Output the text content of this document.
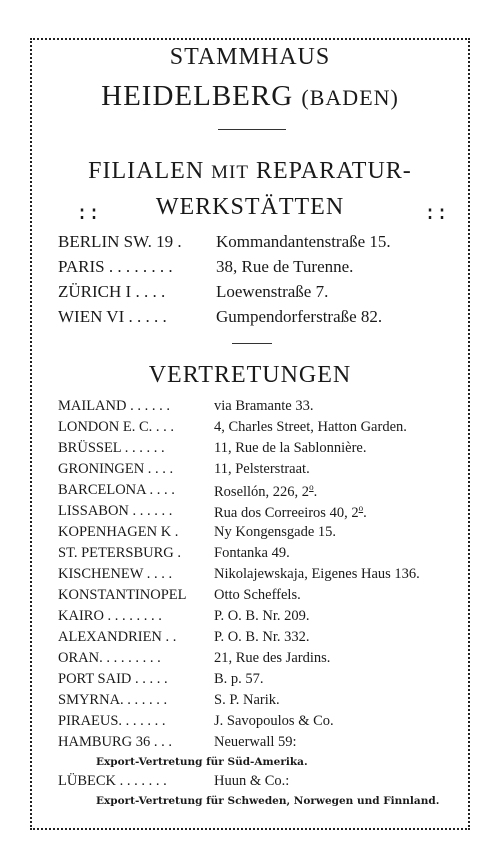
STAMMHAUS
HEIDELBERG (BADEN)
FILIALEN MIT REPARATUR-
::	WERKSTÄTTEN	::
BERLIN SW. 19 . Kommandantenstraße 15.
PARIS . . . . . . . .	38, Rue de Turenne.
ZÜRICH I . . . .	Loewenstraße 7.
WIEN VI . . . . .	Gumpendorferstraße 82.
VERTRETUNGEN
MAILAND . . . . . .	via Bramante 33.
LONDON E. C. . . .	4, Charles Street, Hatton Garden.
BRÜSSEL . . . . . .	11, Rue de la Sablonnière.
GRONINGEN . . . .	11, Pelsterstraat.
BARCELONA . . . .	Rosellón, 226, 2$^o$.
LISSABON . . . . . .	Rua dos Correeiros 40, 2$^o$.
KOPENHAGEN K . Ny Kongensgade 15.
ST. PETERSBURG . Fontanka 49.
KISCHENEW . . . .	Nikolajewskaja, Eigenes Haus 136.
KONSTANTINOPEL Otto Scheffels.
KAIRO . . . . . . . .	P. O. B. Nr. 209.
ALEXANDRIEN . .	P. O. B. Nr. 332.
ORAN. . . . . . . . .	21, Rue des Jardins.
PORT SAID . . . . .	B. p. 57.
SMYRNA. . . . . . .	S. P. Narik.
PIRAEUS. . . . . . .	J. Savopoulos & Co.
HAMBURG 36 . . .	Neuerwall 59:
Export-Vertretung für Süd-Amerika.
LÜBECK . . . . . . .	Huun & Co.:
Export-Vertretung für Schweden, Norwegen und Finnland.
